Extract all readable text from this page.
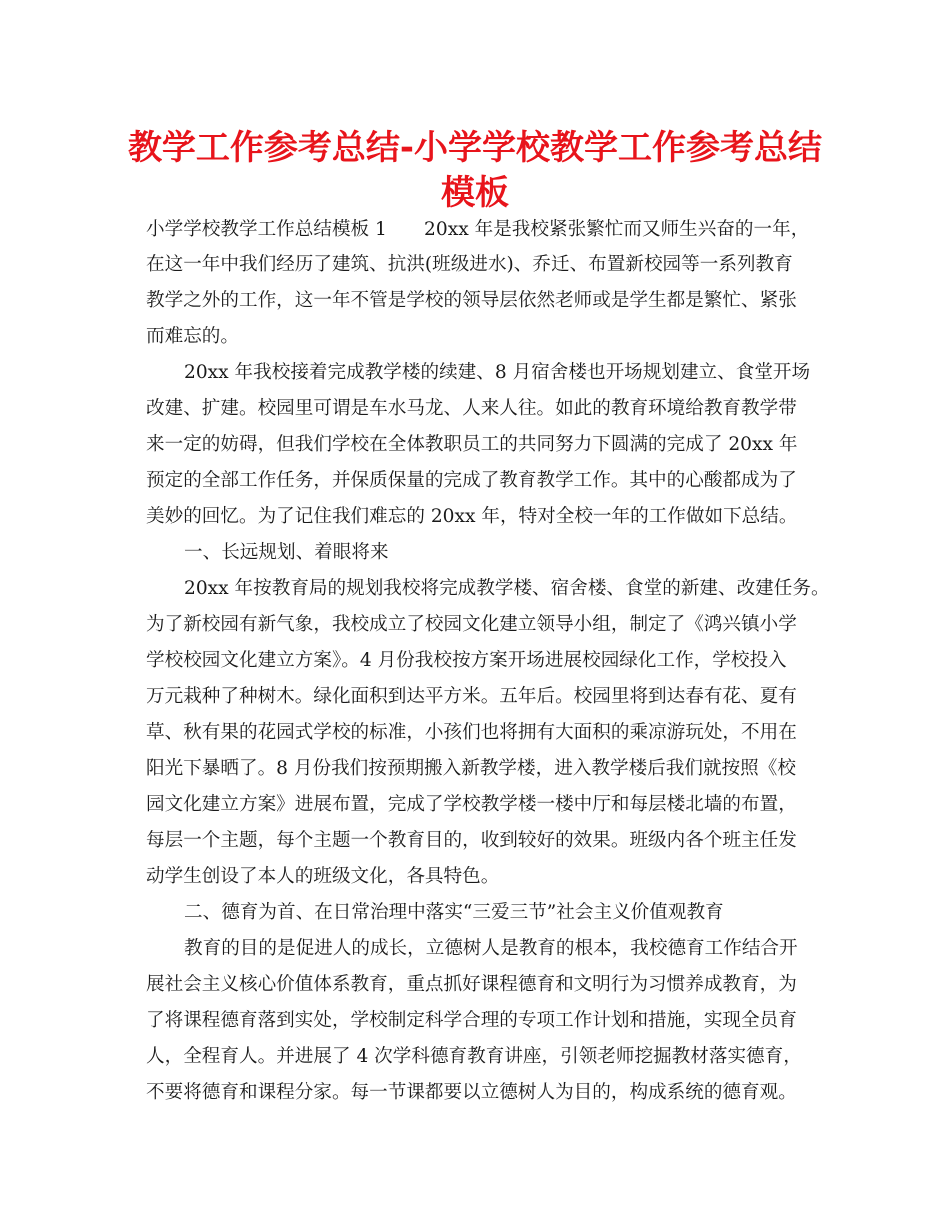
教学工作参考总结-小学学校教学工作参考总结
模板
小学学校教学工作总结模板 1　　20xx 年是我校紧张繁忙而又师生兴奋的一年，
在这一年中我们经历了建筑、抗洪(班级进水)、乔迁、布置新校园等一系列教育
教学之外的工作，这一年不管是学校的领导层依然老师或是学生都是繁忙、紧张
而难忘的。
20xx 年我校接着完成教学楼的续建、8 月宿舍楼也开场规划建立、食堂开场
改建、扩建。校园里可谓是车水马龙、人来人往。如此的教育环境给教育教学带
来一定的妨碍，但我们学校在全体教职员工的共同努力下圆满的完成了 20xx 年
预定的全部工作任务，并保质保量的完成了教育教学工作。其中的心酸都成为了
美妙的回忆。为了记住我们难忘的 20xx 年，特对全校一年的工作做如下总结。
一、长远规划、着眼将来
20xx 年按教育局的规划我校将完成教学楼、宿舍楼、食堂的新建、改建任务。
为了新校园有新气象，我校成立了校园文化建立领导小组，制定了《鸿兴镇小学
学校校园文化建立方案》。4 月份我校按方案开场进展校园绿化工作，学校投入
万元栽种了种树木。绿化面积到达平方米。五年后。校园里将到达春有花、夏有
草、秋有果的花园式学校的标准，小孩们也将拥有大面积的乘凉游玩处，不用在
阳光下暴晒了。8 月份我们按预期搬入新教学楼，进入教学楼后我们就按照《校
园文化建立方案》进展布置，完成了学校教学楼一楼中厅和每层楼北墙的布置，
每层一个主题，每个主题一个教育目的，收到较好的效果。班级内各个班主任发
动学生创设了本人的班级文化，各具特色。
二、德育为首、在日常治理中落实“三爱三节”社会主义价值观教育
教育的目的是促进人的成长，立德树人是教育的根本，我校德育工作结合开
展社会主义核心价值体系教育，重点抓好课程德育和文明行为习惯养成教育，为
了将课程德育落到实处，学校制定科学合理的专项工作计划和措施，实现全员育
人，全程育人。并进展了 4 次学科德育教育讲座，引领老师挖掘教材落实德育，
不要将德育和课程分家。每一节课都要以立德树人为目的，构成系统的德育观。
